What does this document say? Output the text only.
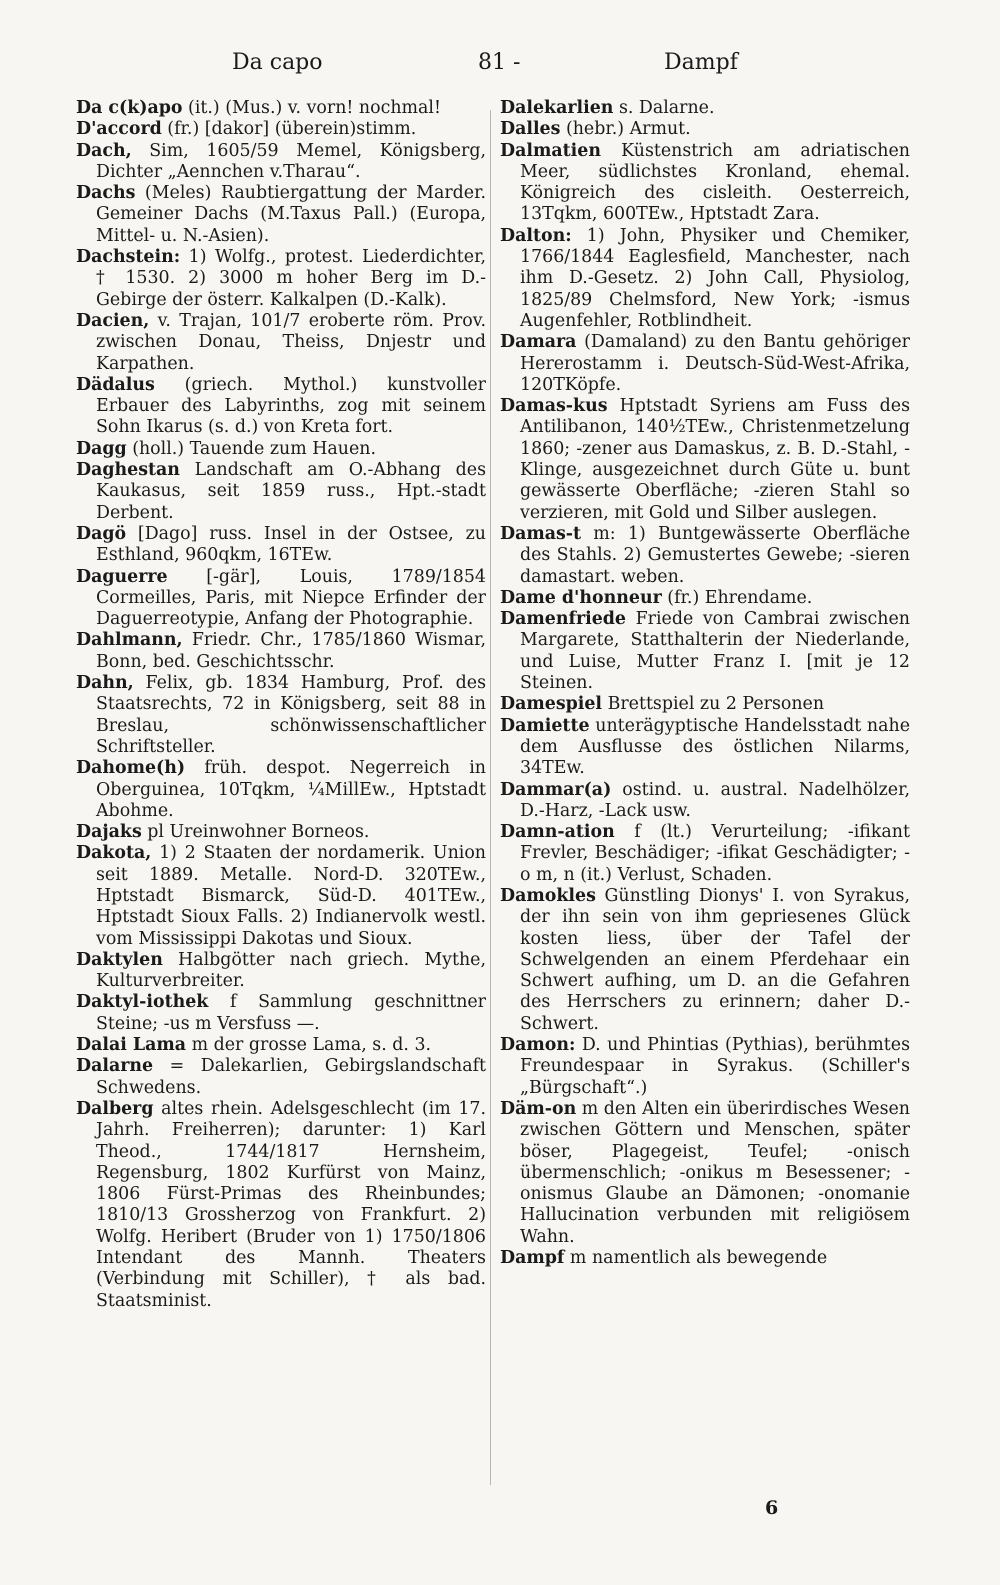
Da capo	81 -	Dampf
Da c(k)apo (it.) (Mus.) v. vorn! nochmal!
D'accord (fr.) [dakor] (überein)stimm.
Dach, Sim, 1605/59 Memel, Königsberg, Dichter „Aennchen v.Tharau“.
Dachs (Meles) Raubtiergattung der Marder. Gemeiner Dachs (M.Taxus Pall.) (Europa, Mittel- u. N.-Asien).
Dachstein: 1) Wolfg., protest. Liederdichter, † 1530. 2) 3000 m hoher Berg im D.-Gebirge der österr. Kalkalpen (D.-Kalk).
Dacien, v. Trajan, 101/7 eroberte röm. Prov. zwischen Donau, Theiss, Dnjestr und Karpathen.
Dädalus (griech. Mythol.) kunstvoller Erbauer des Labyrinths, zog mit seinem Sohn Ikarus (s. d.) von Kreta fort.
Dagg (holl.) Tauende zum Hauen.
Daghestan Landschaft am O.-Abhang des Kaukasus, seit 1859 russ., Hpt.-stadt Derbent.
Dagö [Dago] russ. Insel in der Ostsee, zu Esthland, 960qkm, 16TEw.
Daguerre [-gär], Louis, 1789/1854 Cormeilles, Paris, mit Niepce Erfinder der Daguerreotypie, Anfang der Photographie.
Dahlmann, Friedr. Chr., 1785/1860 Wismar, Bonn, bed. Geschichtsschr.
Dahn, Felix, gb. 1834 Hamburg, Prof. des Staatsrechts, 72 in Königsberg, seit 88 in Breslau, schönwissenschaftlicher Schriftsteller.
Dahome(h) früh. despot. Negerreich in Oberguinea, 10Tqkm, ¼MillEw., Hptstadt Abohme.
Dajaks pl Ureinwohner Borneos.
Dakota, 1) 2 Staaten der nordamerik. Union seit 1889. Metalle. Nord-D. 320TEw., Hptstadt Bismarck, Süd-D. 401TEw., Hptstadt Sioux Falls. 2) Indianervolk westl. vom Mississippi Dakotas und Sioux.
Daktylen Halbgötter nach griech. Mythe, Kulturverbreiter.
Daktyl-iothek f Sammlung geschnittner Steine; -us m Versfuss —.
Dalai Lama m der grosse Lama, s. d. 3.
Dalarne = Dalekarlien, Gebirgslandschaft Schwedens.
Dalberg altes rhein. Adelsgeschlecht (im 17. Jahrh. Freiherren); darunter: 1) Karl Theod., 1744/1817 Hernsheim, Regensburg, 1802 Kurfürst von Mainz, 1806 Fürst-Primas des Rheinbundes; 1810/13 Grossherzog von Frankfurt. 2) Wolfg. Heribert (Bruder von 1) 1750/1806 Intendant des Mannh. Theaters (Verbindung mit Schiller), † als bad. Staatsminist.
Dalekarlien s. Dalarne.
Dalles (hebr.) Armut.
Dalmatien Küstenstrich am adriatischen Meer, südlichstes Kronland, ehemal. Königreich des cisleith. Oesterreich, 13Tqkm, 600TEw., Hptstadt Zara.
Dalton: 1) John, Physiker und Chemiker, 1766/1844 Eaglesfield, Manchester, nach ihm D.-Gesetz. 2) John Call, Physiolog, 1825/89 Chelmsford, New York; -ismus Augenfehler, Rotblindheit.
Damara (Damaland) zu den Bantu gehöriger Hererostamm i. Deutsch-Süd-West-Afrika, 120TKöpfe.
Damas-kus Hptstadt Syriens am Fuss des Antilibanon, 140½TEw., Christenmetzelung 1860; -zener aus Damaskus, z. B. D.-Stahl, -Klinge, ausgezeichnet durch Güte u. bunt gewässerte Oberfläche; -zieren Stahl so verzieren, mit Gold und Silber auslegen.
Damas-t m: 1) Buntgewässerte Oberfläche des Stahls. 2) Gemustertes Gewebe; -sieren damastart. weben.
Dame d'honneur (fr.) Ehrendame.
Damenfriede Friede von Cambrai zwischen Margarete, Statthalterin der Niederlande, und Luise, Mutter Franz I. [mit je 12 Steinen.
Damespiel Brettspiel zu 2 Personen
Damiette unterägyptische Handelsstadt nahe dem Ausflusse des östlichen Nilarms, 34TEw.
Dammar(a) ostind. u. austral. Nadelhölzer, D.-Harz, -Lack usw.
Damn-ation f (lt.) Verurteilung; -ifikant Frevler, Beschädiger; -ifikat Geschädigter; -o m, n (it.) Verlust, Schaden.
Damokles Günstling Dionys' I. von Syrakus, der ihn sein von ihm gepriesenes Glück kosten liess, über der Tafel der Schwelgenden an einem Pferdehaar ein Schwert aufhing, um D. an die Gefahren des Herrschers zu erinnern; daher D.-Schwert.
Damon: D. und Phintias (Pythias), berühmtes Freundespaar in Syrakus. (Schiller's „Bürgschaft“.)
Däm-on m den Alten ein überirdisches Wesen zwischen Göttern und Menschen, später böser, Plagegeist, Teufel; -onisch übermenschlich; -onikus m Besessener; -onismus Glaube an Dämonen; -onomanie Hallucination verbunden mit religiösem Wahn.
Dampf m namentlich als bewegende
6
